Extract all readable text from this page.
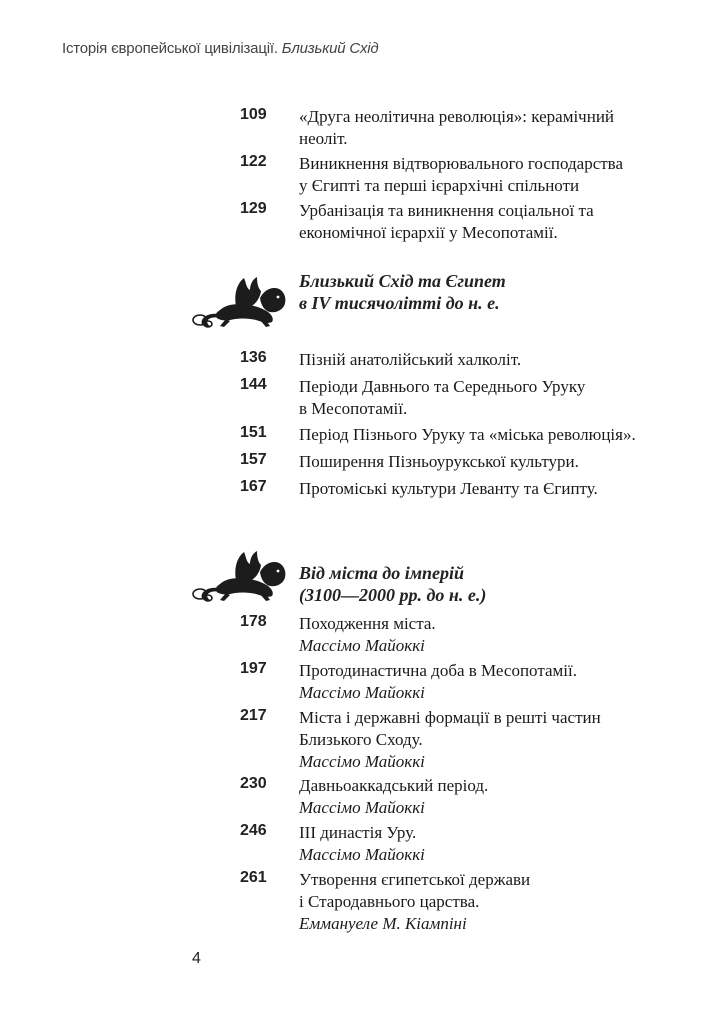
Історія європейської цивілізації. Близький Схід
109	«Друга неолітична революція»: керамічний
неоліт.
122	Виникнення відтворювального господарства
у Єгипті та перші ієрархічні спільноти
129	Урбанізація та виникнення соціальної та
економічної ієрархії у Месопотамії.
Близький Схід та Єгипет
в IV тисячолітті до н. е.
136	Пізній анатолійський халколіт.
144	Періоди Давнього та Середнього Уруку
в Месопотамії.
151	Період Пізнього Уруку та «міська революція».
157	Поширення Пізньоурукської культури.
167	Протоміські культури Леванту та Єгипту.
Від міста до імперій
(3100—2000 рр. до н. е.)
178	Походження міста.
Массімо Майоккі
197	Протодинастична доба в Месопотамії.
Массімо Майоккі
217	Міста і державні формації в решті частин
Близького Сходу.
Массімо Майоккі
230	Давньоаккадський період.
Массімо Майоккі
246	III династія Уру.
Массімо Майоккі
261	Утворення єгипетської держави
і Стародавнього царства.
Еммануеле М. Кіампіні
4
